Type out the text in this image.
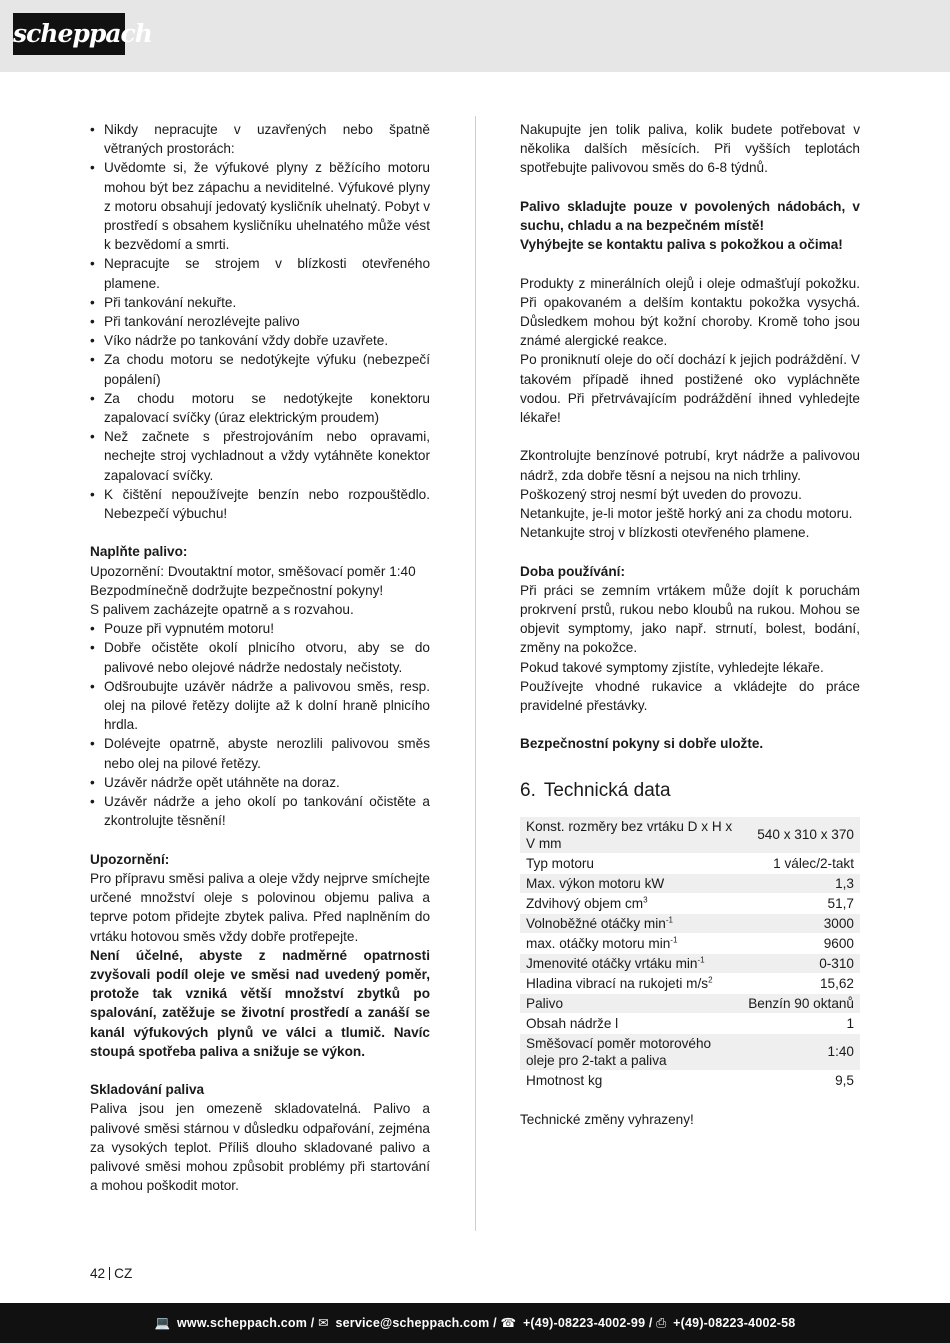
scheppach
• Nikdy nepracujte v uzavřených nebo špatně větraných prostorách:
• Uvědomte si, že výfukové plyny z běžícího motoru mohou být bez zápachu a neviditelné. Výfukové plyny z motoru obsahují jedovatý kysličník uhelnatý. Pobyt v prostředí s obsahem kysličníku uhelnatého může vést k bezvědomí a smrti.
• Nepracujte se strojem v blízkosti otevřeného plamene.
• Při tankování nekuřte.
• Při tankování nerozlévejte palivo
• Víko nádrže po tankování vždy dobře uzavřete.
• Za chodu motoru se nedotýkejte výfuku (nebezpečí popálení)
• Za chodu motoru se nedotýkejte konektoru zapalovací svíčky (úraz elektrickým proudem)
• Než začnete s přestrojováním nebo opravami, nechejte stroj vychladnout a vždy vytáhněte konektor zapalovací svíčky.
• K čištění nepoužívejte benzín nebo rozpouštědlo. Nebezpečí výbuchu!
Naplňte palivo:
Upozornění: Dvoutaktní motor, směšovací poměr 1:40
Bezpodmínečně dodržujte bezpečnostní pokyny!
S palivem zacházejte opatrně a s rozvahou.
• Pouze při vypnutém motoru!
• Dobře očistěte okolí plnicího otvoru, aby se do palivové nebo olejové nádrže nedostaly nečistoty.
• Odšroubujte uzávěr nádrže a palivovou směs, resp. olej na pilové řetězy dolijte až k dolní hraně plnicího hrdla.
• Dolévejte opatrně, abyste nerozlili palivovou směs nebo olej na pilové řetězy.
• Uzávěr nádrže opět utáhněte na doraz.
• Uzávěr nádrže a jeho okolí po tankování očistěte a zkontrolujte těsnění!
Upozornění:
Pro přípravu směsi paliva a oleje vždy nejprve smíchejte určené množství oleje s polovinou objemu paliva a teprve potom přidejte zbytek paliva. Před naplněním do vrtáku hotovou směs vždy dobře protřepejte.
Není účelné, abyste z nadměrné opatrnosti zvyšovali podíl oleje ve směsi nad uvedený poměr, protože tak vzniká větší množství zbytků po spalování, zatěžuje se životní prostředí a zanáší se kanál výfukových plynů ve válci a tlumič. Navíc stoupá spotřeba paliva a snižuje se výkon.
Skladování paliva
Paliva jsou jen omezeně skladovatelná. Palivo a palivové směsi stárnou v důsledku odpařování, zejména za vysokých teplot. Příliš dlouho skladované palivo a palivové směsi mohou způsobit problémy při startování a mohou poškodit motor.
Nakupujte jen tolik paliva, kolik budete potřebovat v několika dalších měsících. Při vyšších teplotách spotřebujte palivovou směs do 6-8 týdnů.
Palivo skladujte pouze v povolených nádobách, v suchu, chladu a na bezpečném místě!
Vyhýbejte se kontaktu paliva s pokožkou a očima!
Produkty z minerálních olejů i oleje odmašťují pokožku. Při opakovaném a delším kontaktu pokožka vysychá. Důsledkem mohou být kožní choroby. Kromě toho jsou známé alergické reakce.
Po proniknutí oleje do očí dochází k jejich podráždění. V takovém případě ihned postižené oko vypláchněte vodou. Při přetrvávajícím podráždění ihned vyhledejte lékaře!
Zkontrolujte benzínové potrubí, kryt nádrže a palivovou nádrž, zda dobře těsní a nejsou na nich trhliny.
Poškozený stroj nesmí být uveden do provozu.
Netankujte, je-li motor ještě horký ani za chodu motoru.
Netankujte stroj v blízkosti otevřeného plamene.
Doba používání:
Při práci se zemním vrtákem může dojít k poruchám prokrvení prstů, rukou nebo kloubů na rukou. Mohou se objevit symptomy, jako např. strnutí, bolest, bodání, změny na pokožce.
Pokud takové symptomy zjistíte, vyhledejte lékaře.
Používejte vhodné rukavice a vkládejte do práce pravidelné přestávky.
Bezpečnostní pokyny si dobře uložte.
6. Technická data
Konst. rozměry bez vrtáku D x H x V mm	540 x 310 x 370
Typ motoru	1 válec/2-takt
Max. výkon motoru kW	1,3
Zdvihový objem $cm^3$	51,7
Volnoběžné otáčky $\min^{-1}$	3000
max. otáčky motoru $\min^{-1}$	9600
Jmenovité otáčky vrtáku $\min^{-1}$	0-310
Hladina vibrací na rukojeti $m/s^2$	15,62
Palivo	Benzín 90 oktanů
Obsah nádrže l	1
Směšovací poměr motorového oleje pro 2-takt a paliva	1:40
Hmotnost kg	9,5
Technické změny vyhrazeny!
42 CZ
💻 www.scheppach.com / ✉ service@scheppach.com / ☎ +(49)-08223-4002-99 / ⎙ +(49)-08223-4002-58
